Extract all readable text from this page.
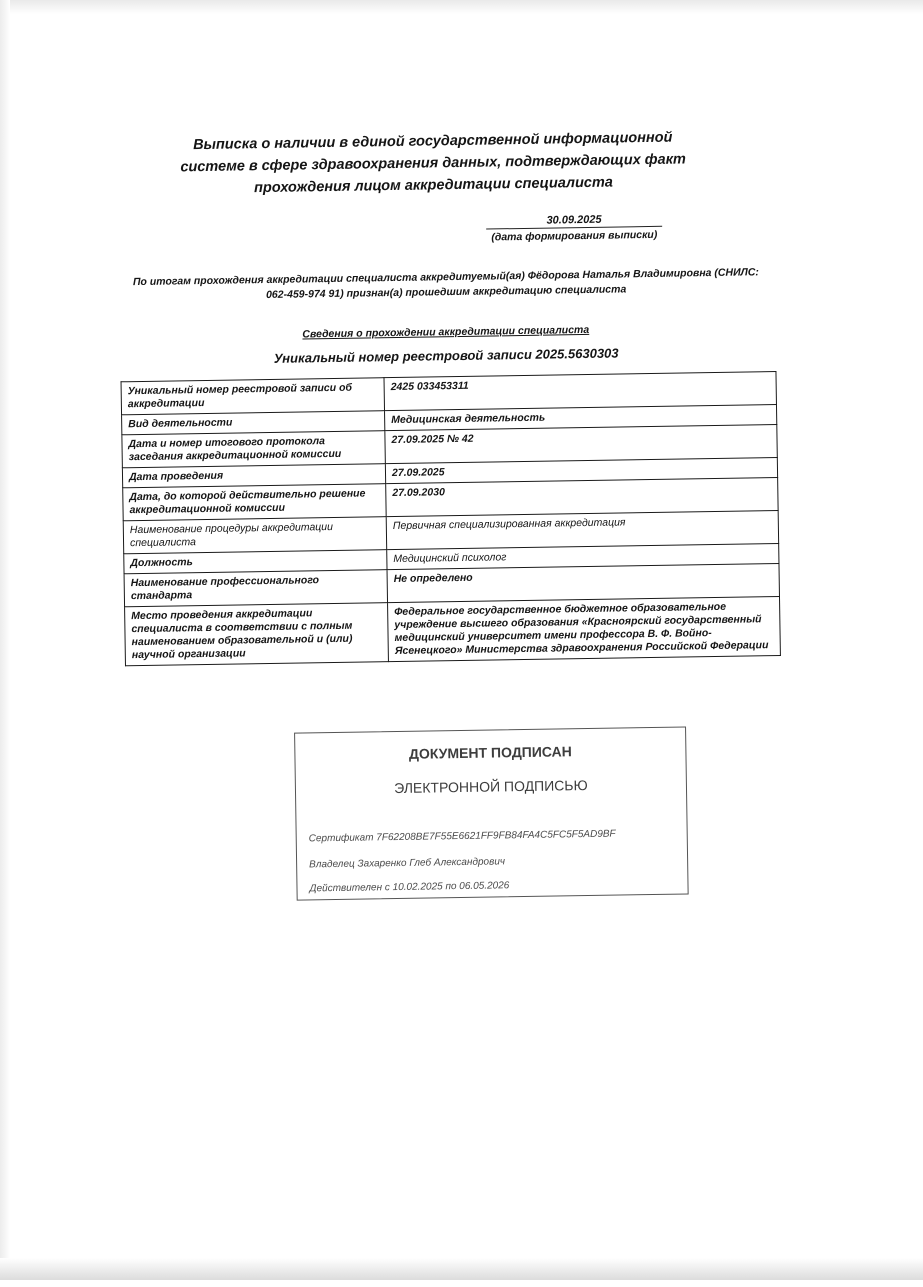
Выписка о наличии в единой государственной информационной
системе в сфере здравоохранения данных, подтверждающих факт
прохождения лицом аккредитации специалиста
30.09.2025
(дата формирования выписки)
По итогам прохождения аккредитации специалиста аккредитуемый(ая) Фёдорова Наталья Владимировна (СНИЛС:
062-459-974 91) признан(а) прошедшим аккредитацию специалиста
Сведения о прохождении аккредитации специалиста
Уникальный номер реестровой записи 2025.5630303
Уникальный номер реестровой записи об аккредитации	2425 033453311
Вид деятельности	Медицинская деятельность
Дата и номер итогового протокола заседания аккредитационной комиссии	27.09.2025 № 42
Дата проведения	27.09.2025
Дата, до которой действительно решение аккредитационной комиссии	27.09.2030
Наименование процедуры аккредитации специалиста	Первичная специализированная аккредитация
Должность	Медицинский психолог
Наименование профессионального стандарта	Не определено
Место проведения аккредитации специалиста в соответствии с полным наименованием образовательной и (или) научной организации	Федеральное государственное бюджетное образовательное учреждение высшего образования «Красноярский государственный медицинский университет имени профессора В. Ф. Войно-Ясенецкого» Министерства здравоохранения Российской Федерации
ДОКУМЕНТ ПОДПИСАН
ЭЛЕКТРОННОЙ ПОДПИСЬЮ
Сертификат 7F62208BE7F55E6621FF9FB84FA4C5FC5F5AD9BF
Владелец Захаренко Глеб Александрович
Действителен с 10.02.2025 по 06.05.2026
